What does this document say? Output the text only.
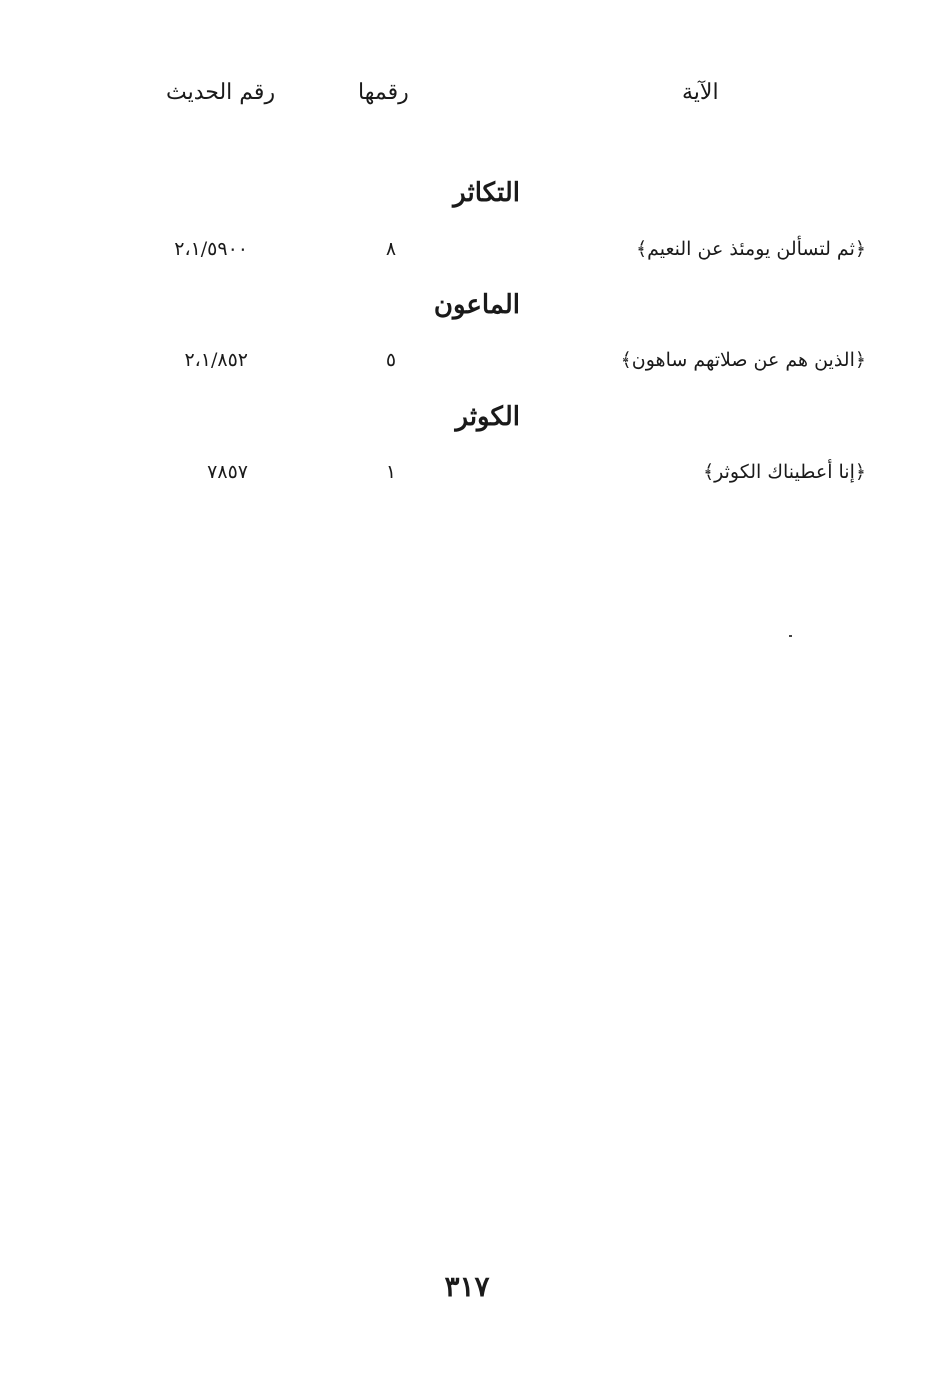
الآية
رقمها
رقم الحديث
التكاثر
﴿ثم لتسألن يومئذ عن النعيم﴾
٨
٢،١/٥٩٠٠
الماعون
﴿الذين هم عن صلاتهم ساهون﴾
٥
٢،١/٨٥٢
الكوثر
﴿إنا أعطيناك الكوثر﴾
١
٧٨٥٧
٣١٧
